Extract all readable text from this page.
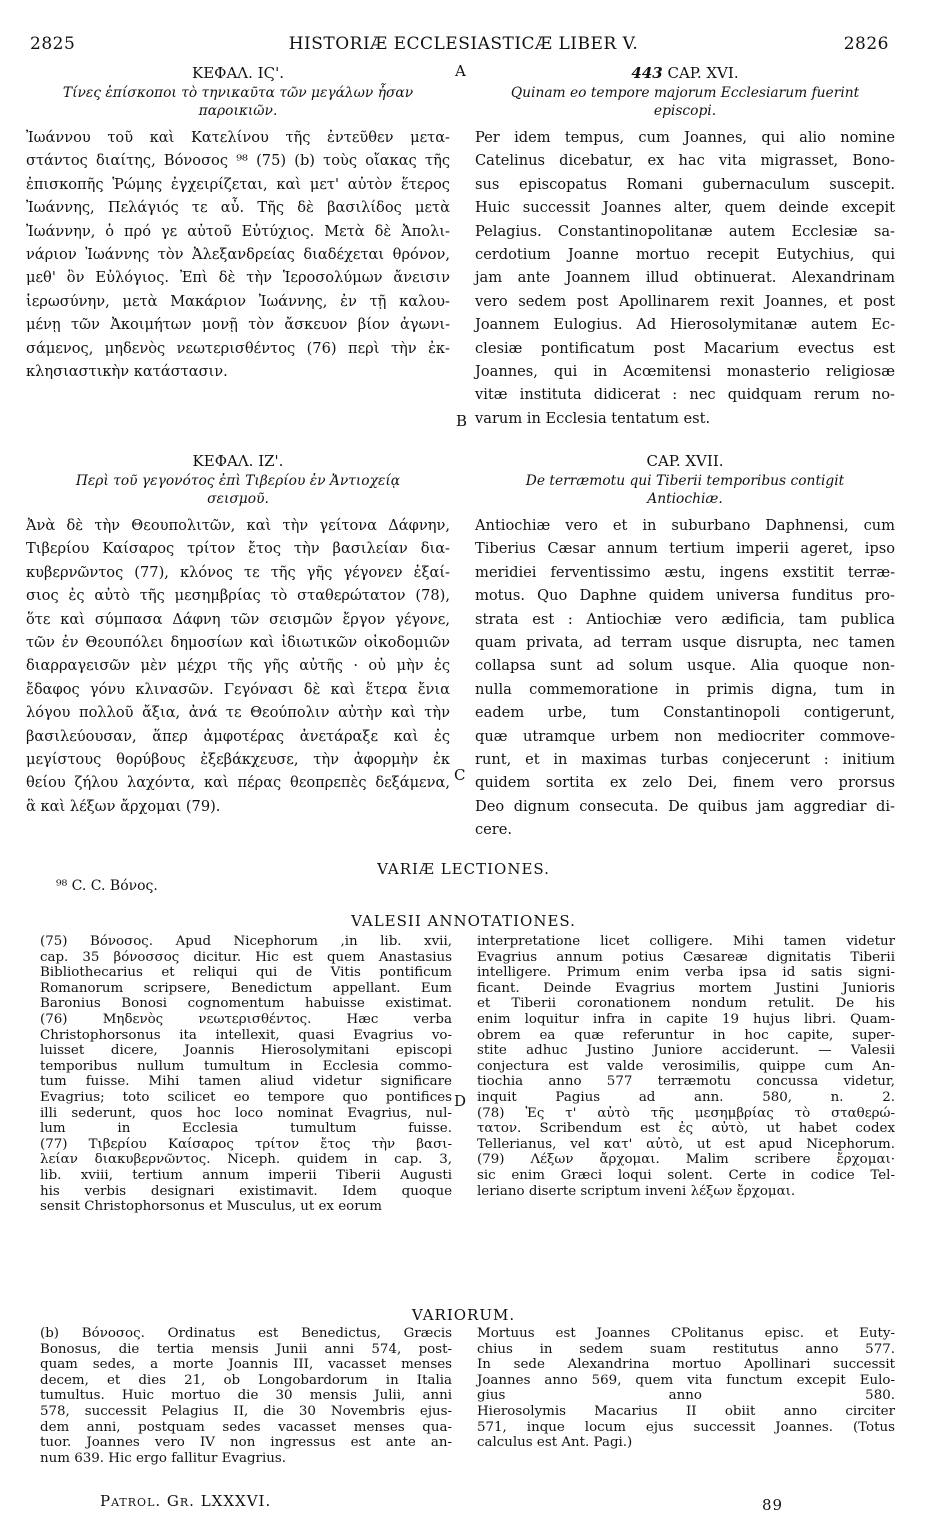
2825	HISTORIÆ ECCLESIASTICÆ LIBER V.	2826
A
B
C
D
ΚΕΦΑΛ. ΙϚ'.
Τίνες ἐπίσκοποι τὸ τηνικαῦτα τῶν μεγάλων ἦσαν
παροικιῶν.
Ἰωάννου τοῦ καὶ Κατελίνου τῆς ἐντεῦθεν μετα-
στάντος διαίτης, Βόνοσος ⁹⁸ (75) (b) τοὺς οἴακας τῆς
ἐπισκοπῆς Ῥώμης ἐγχειρίζεται, καὶ μετ' αὐτὸν ἕτερος
Ἰωάννης, Πελάγιός τε αὖ. Τῆς δὲ βασιλίδος μετὰ
Ἰωάννην, ὁ πρό γε αὐτοῦ Εὐτύχιος. Μετὰ δὲ Ἀπολι-
νάριον Ἰωάννης τὸν Ἀλεξανδρείας διαδέχεται θρόνον,
μεθ' ὃν Εὐλόγιος. Ἐπὶ δὲ τὴν Ἱεροσολύμων ἄνεισιν
ἱερωσύνην, μετὰ Μακάριον Ἰωάννης, ἐν τῇ καλου-
μένῃ τῶν Ἀκοιμήτων μονῇ τὸν ἄσκευον βίον ἀγωνι-
σάμενος, μηδενὸς νεωτερισθέντος (76) περὶ τὴν ἐκ-
κλησιαστικὴν κατάστασιν.
443 CAP. XVI.
Quinam eo tempore majorum Ecclesiarum fuerint
episcopi.
Per idem tempus, cum Joannes, qui alio nomine
Catelinus dicebatur, ex hac vita migrasset, Bono-
sus episcopatus Romani gubernaculum suscepit.
Huic successit Joannes alter, quem deinde excepit
Pelagius. Constantinopolitanæ autem Ecclesiæ sa-
cerdotium Joanne mortuo recepit Eutychius, qui
jam ante Joannem illud obtinuerat. Alexandrinam
vero sedem post Apollinarem rexit Joannes, et post
Joannem Eulogius. Ad Hierosolymitanæ autem Ec-
clesiæ pontificatum post Macarium evectus est
Joannes, qui in Acœmitensi monasterio religiosæ
vitæ instituta didicerat : nec quidquam rerum no-
varum in Ecclesia tentatum est.
ΚΕΦΑΛ. ΙΖ'.
Περὶ τοῦ γεγονότος ἐπὶ Τιβερίου ἐν Ἀντιοχείᾳ
σεισμοῦ.
Ἀνὰ δὲ τὴν Θεουπολιτῶν, καὶ τὴν γείτονα Δάφνην,
Τιβερίου Καίσαρος τρίτον ἔτος τὴν βασιλείαν δια-
κυβερνῶντος (77), κλόνος τε τῆς γῆς γέγονεν ἐξαί-
σιος ἐς αὐτὸ τῆς μεσημβρίας τὸ σταθερώτατον (78),
ὅτε καὶ σύμπασα Δάφνη τῶν σεισμῶν ἔργον γέγονε,
τῶν ἐν Θεουπόλει δημοσίων καὶ ἰδιωτικῶν οἰκοδομιῶν
διαρραγεισῶν μὲν μέχρι τῆς γῆς αὐτῆς · οὐ μὴν ἐς
ἔδαφος γόνυ κλινασῶν. Γεγόνασι δὲ καὶ ἕτερα ἔνια
λόγου πολλοῦ ἄξια, ἀνά τε Θεούπολιν αὐτὴν καὶ τὴν
βασιλεύουσαν, ἅπερ ἀμφοτέρας ἀνετάραξε καὶ ἐς
μεγίστους θορύβους ἐξεβάκχευσε, τὴν ἀφορμὴν ἐκ
θείου ζήλου λαχόντα, καὶ πέρας θεοπρεπὲς δεξάμενα,
ἃ καὶ λέξων ἄρχομαι (79).
CAP. XVII.
De terræmotu qui Tiberii temporibus contigit
Antiochiæ.
Antiochiæ vero et in suburbano Daphnensi, cum
Tiberius Cæsar annum tertium imperii ageret, ipso
meridiei ferventissimo æstu, ingens exstitit terræ-
motus. Quo Daphne quidem universa funditus pro-
strata est : Antiochiæ vero ædificia, tam publica
quam privata, ad terram usque disrupta, nec tamen
collapsa sunt ad solum usque. Alia quoque non-
nulla commemoratione in primis digna, tum in
eadem urbe, tum Constantinopoli contigerunt,
quæ utramque urbem non mediocriter commove-
runt, et in maximas turbas conjecerunt : initium
quidem sortita ex zelo Dei, finem vero prorsus
Deo dignum consecuta. De quibus jam aggrediar di-
cere.
VARIÆ LECTIONES.
⁹⁸ C. C. Βόνος.
VALESII ANNOTATIONES.
(75) Βόνοσος. Apud Nicephorum ,in lib. xvii,
cap. 35 βόνοσσος dicitur. Hic est quem Anastasius
Bibliothecarius et reliqui qui de Vitis pontificum
Romanorum scripsere, Benedictum appellant. Eum
Baronius Bonosi cognomentum habuisse existimat.
(76) Μηδενὸς νεωτερισθέντος. Hæc verba
Christophorsonus ita intellexit, quasi Evagrius vo-
luisset dicere, Joannis Hierosolymitani episcopi
temporibus nullum tumultum in Ecclesia commo-
tum fuisse. Mihi tamen aliud videtur significare
Evagrius; toto scilicet eo tempore quo pontifices
illi sederunt, quos hoc loco nominat Evagrius, nul-
lum in Ecclesia tumultum fuisse.
(77) Τιβερίου Καίσαρος τρίτον ἔτος τὴν βασι-
λείαν διακυβερνῶντος. Niceph. quidem in cap. 3,
lib. xviii, tertium annum imperii Tiberii Augusti
his verbis designari existimavit. Idem quoque
sensit Christophorsonus et Musculus, ut ex eorum
interpretatione licet colligere. Mihi tamen videtur
Evagrius annum potius Cæsareæ dignitatis Tiberii
intelligere. Primum enim verba ipsa id satis signi-
ficant. Deinde Evagrius mortem Justini Junioris
et Tiberii coronationem nondum retulit. De his
enim loquitur infra in capite 19 hujus libri. Quam-
obrem ea quæ referuntur in hoc capite, super-
stite adhuc Justino Juniore acciderunt. — Valesii
conjectura est valde verosimilis, quippe cum An-
tiochia anno 577 terræmotu concussa videtur,
inquit Pagius ad ann. 580, n. 2.
(78) Ἐς τ' αὐτὸ τῆς μεσημβρίας τὸ σταθερώ-
τατον. Scribendum est ἐς αὐτὸ, ut habet codex
Tellerianus, vel κατ' αὐτὸ, ut est apud Nicephorum.
(79) Λέξων ἄρχομαι. Malim scribere ἔρχομαι·
sic enim Græci loqui solent. Certe in codice Tel-
leriano diserte scriptum inveni λέξων ἔρχομαι.
VARIORUM.
(b) Βόνοσος. Ordinatus est Benedictus, Græcis
Bonosus, die tertia mensis Junii anni 574, post-
quam sedes, a morte Joannis III, vacasset menses
decem, et dies 21, ob Longobardorum in Italia
tumultus. Huic mortuo die 30 mensis Julii, anni
578, successit Pelagius II, die 30 Novembris ejus-
dem anni, postquam sedes vacasset menses qua-
tuor. Joannes vero IV non ingressus est ante an-
num 639. Hic ergo fallitur Evagrius.
Mortuus est Joannes CPolitanus episc. et Euty-
chius in sedem suam restitutus anno 577.
In sede Alexandrina mortuo Apollinari successit
Joannes anno 569, quem vita functum excepit Eulo-
gius anno 580.
Hierosolymis Macarius II obiit anno circiter
571, inque locum ejus successit Joannes. (Totus
calculus est Ant. Pagi.)
Patrol. Gr. LXXXVI.	89
